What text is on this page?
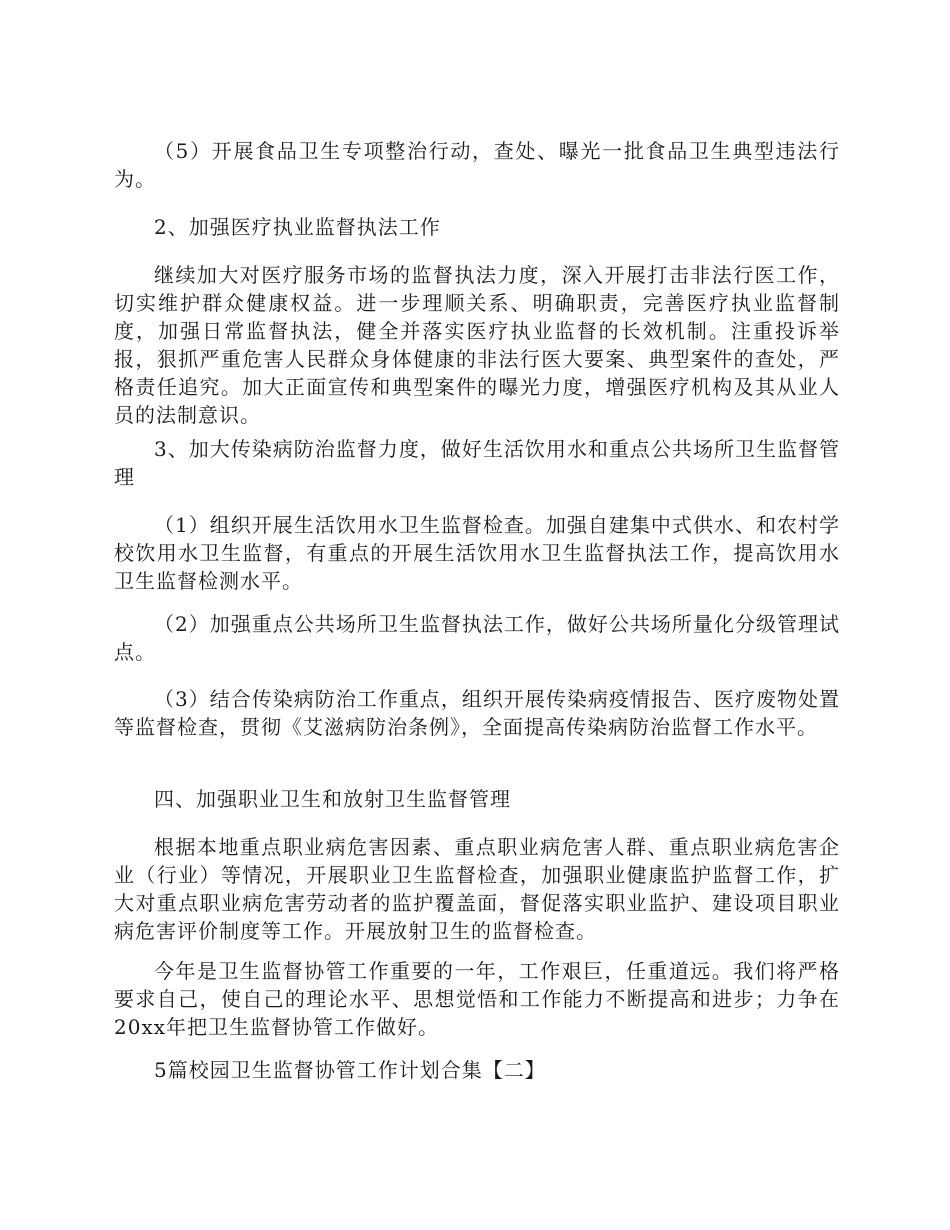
（5）开展食品卫生专项整治行动，查处、曝光一批食品卫生典型违法行为。

2、加强医疗执业监督执法工作

继续加大对医疗服务市场的监督执法力度，深入开展打击非法行医工作，切实维护群众健康权益。进一步理顺关系、明确职责，完善医疗执业监督制度，加强日常监督执法，健全并落实医疗执业监督的长效机制。注重投诉举报，狠抓严重危害人民群众身体健康的非法行医大要案、典型案件的查处，严格责任追究。加大正面宣传和典型案件的曝光力度，增强医疗机构及其从业人员的法制意识。

3、加大传染病防治监督力度，做好生活饮用水和重点公共场所卫生监督管理

（1）组织开展生活饮用水卫生监督检查。加强自建集中式供水、和农村学校饮用水卫生监督，有重点的开展生活饮用水卫生监督执法工作，提高饮用水卫生监督检测水平。

（2）加强重点公共场所卫生监督执法工作，做好公共场所量化分级管理试点。

（3）结合传染病防治工作重点，组织开展传染病疫情报告、医疗废物处置等监督检查，贯彻《艾滋病防治条例》，全面提高传染病防治监督工作水平。

四、加强职业卫生和放射卫生监督管理

根据本地重点职业病危害因素、重点职业病危害人群、重点职业病危害企业（行业）等情况，开展职业卫生监督检查，加强职业健康监护监督工作，扩大对重点职业病危害劳动者的监护覆盖面，督促落实职业监护、建设项目职业病危害评价制度等工作。开展放射卫生的监督检查。

今年是卫生监督协管工作重要的一年，工作艰巨，任重道远。我们将严格要求自己，使自己的理论水平、思想觉悟和工作能力不断提高和进步；力争在20xx年把卫生监督协管工作做好。

5篇校园卫生监督协管工作计划合集【二】
